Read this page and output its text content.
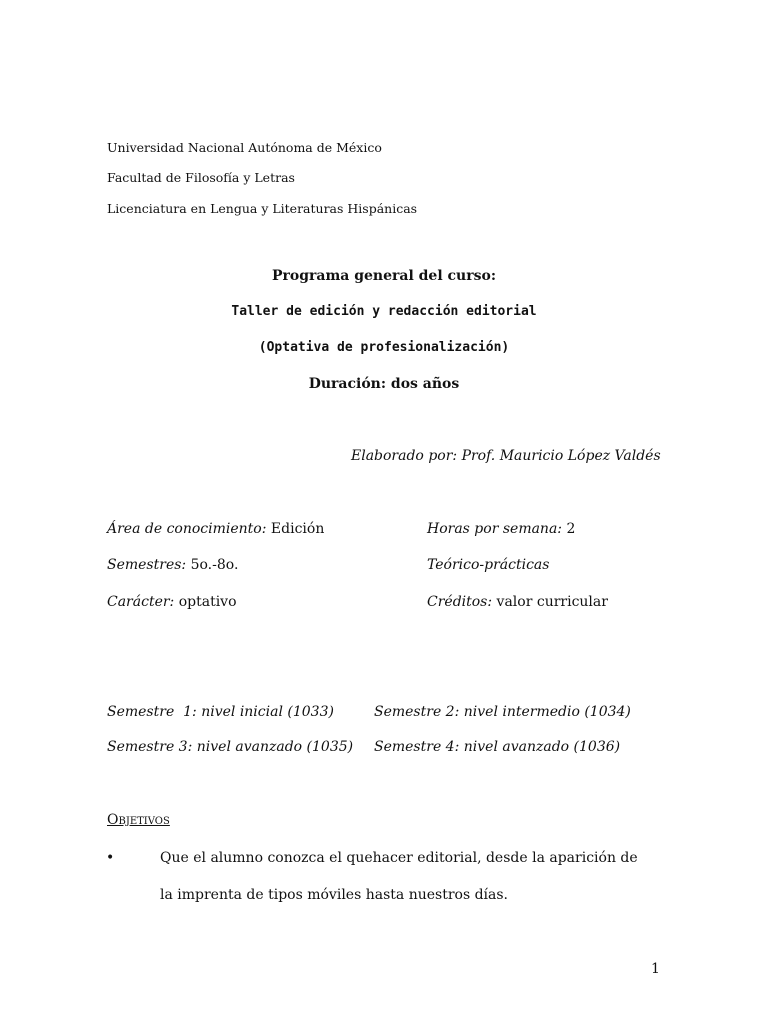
Universidad Nacional Autónoma de México
Facultad de Filosofía y Letras
Licenciatura en Lengua y Literaturas Hispánicas
Programa general del curso:
Taller de edición y redacción editorial
(Optativa de profesionalización)
Duración: dos años
Elaborado por: Prof. Mauricio López Valdés
Área de conocimiento: Edición
Semestres: 5o.-8o.
Carácter: optativo
Horas por semana: 2
Teórico-prácticas
Créditos: valor curricular
Semestre  1: nivel inicial (1033)	Semestre 2: nivel intermedio (1034)
Semestre 3: nivel avanzado (1035) Semestre 4: nivel avanzado (1036)
Objetivos
•	Que el alumno conozca el quehacer editorial, desde la aparición de
la imprenta de tipos móviles hasta nuestros días.
1
